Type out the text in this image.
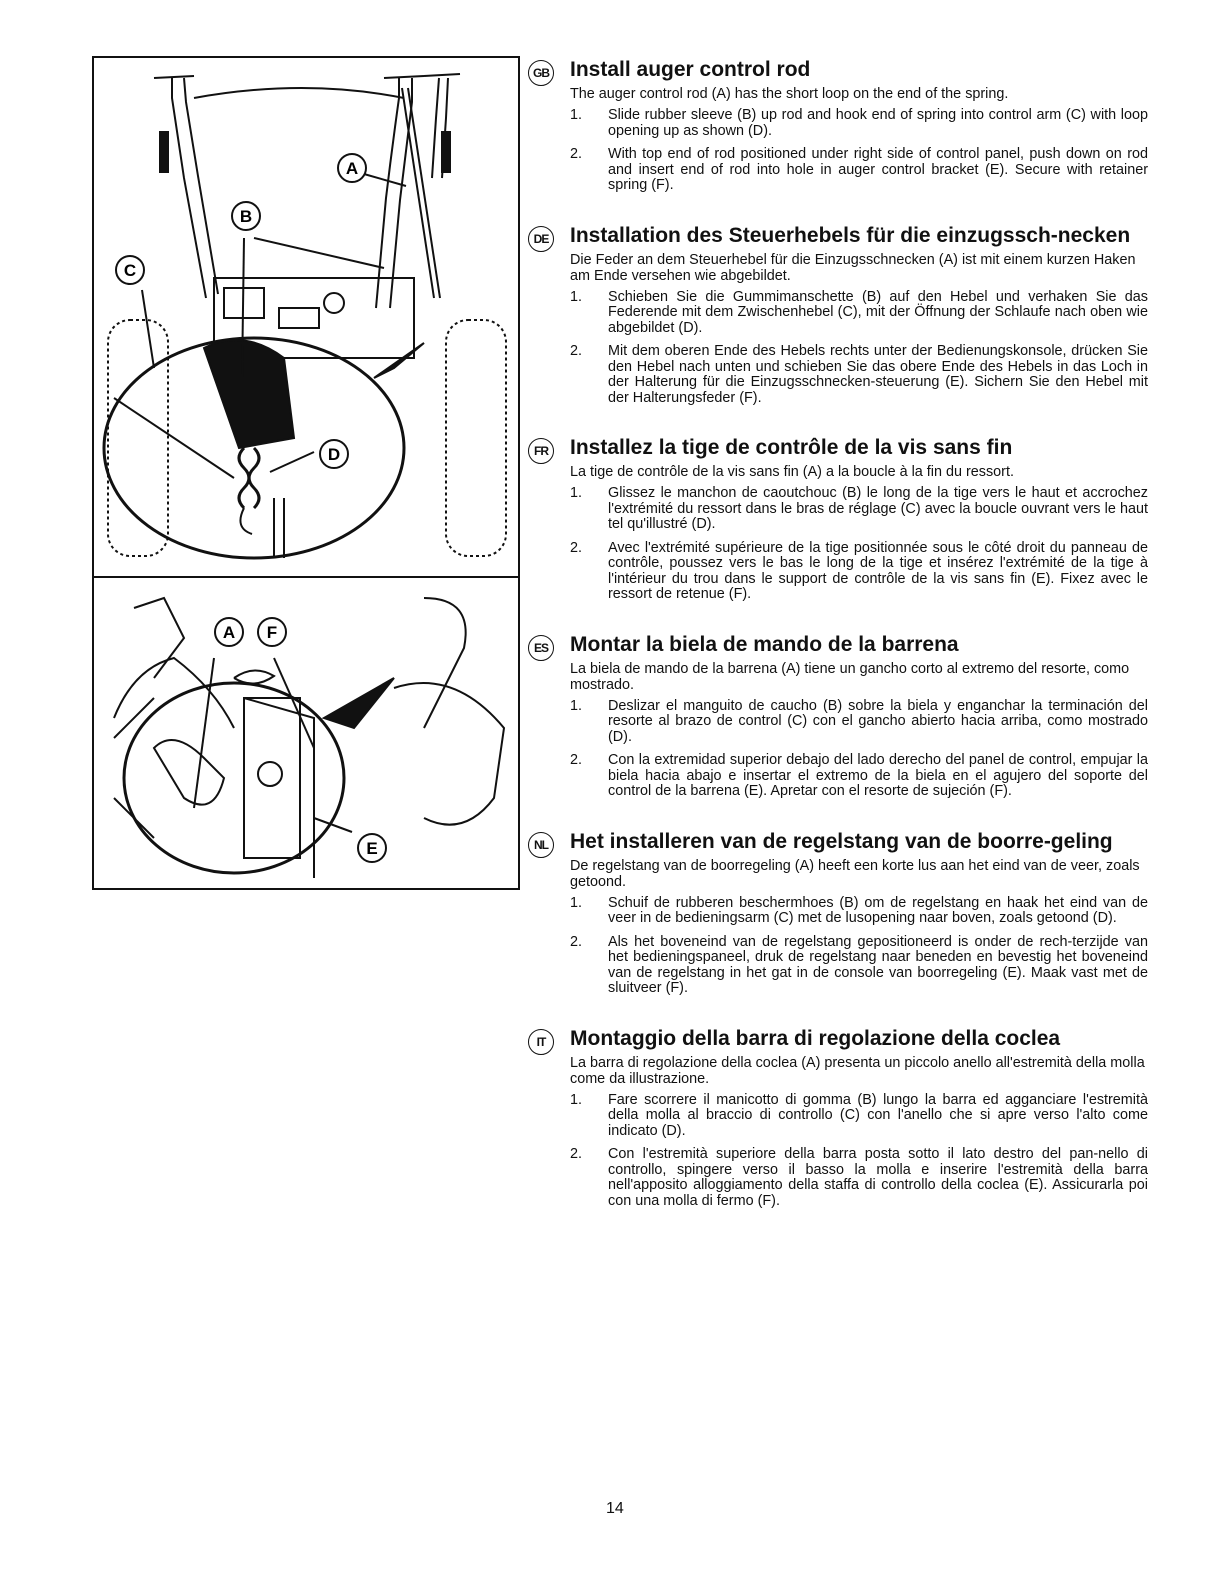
A
B
C
D
A F
E
GB Install auger control rod

The auger control rod (A) has the short loop on the end of the spring.

1. Slide rubber sleeve (B) up rod and hook end of spring into control arm (C) with loop opening up as shown (D).
2. With top end of rod positioned under right side of control panel, push down on rod and insert end of rod into hole in auger control bracket (E). Secure with retainer spring (F).
DE Installation des Steuerhebels für die einzugssch-necken

Die Feder an dem Steuerhebel für die Einzugsschnecken (A) ist mit einem kurzen Haken am Ende versehen wie abgebildet.

1. Schieben Sie die Gummimanschette (B) auf den Hebel und verhaken Sie das Federende mit dem Zwischenhebel (C), mit der Öffnung der Schlaufe nach oben wie abgebildet (D).
2. Mit dem oberen Ende des Hebels rechts unter der Bedienungskonsole, drücken Sie den Hebel nach unten und schieben Sie das obere Ende des Hebels in das Loch in der Halterung für die Einzugsschnecken-steuerung (E). Sichern Sie den Hebel mit der Halterungsfeder (F).
FR Installez la tige de contrôle de la vis sans fin

La tige de contrôle de la vis sans fin (A) a la boucle à la fin du ressort.

1. Glissez le manchon de caoutchouc (B) le long de la tige vers le haut et accrochez l'extrémité du ressort dans le bras de réglage (C) avec la boucle ouvrant vers le haut tel qu'illustré (D).
2. Avec l'extrémité supérieure de la tige positionnée sous le côté droit du panneau de contrôle, poussez vers le bas le long de la tige et insérez l'extrémité de la tige à l'intérieur du trou dans le support de contrôle de la vis sans fin (E). Fixez avec le ressort de retenue (F).
ES Montar la biela de mando de la barrena

La biela de mando de la barrena (A) tiene un gancho corto al extremo del resorte, como mostrado.

1. Deslizar el manguito de caucho (B) sobre la biela y enganchar la terminación del resorte al brazo de control (C) con el gancho abierto hacia arriba, como mostrado (D).
2. Con la extremidad superior debajo del lado derecho del panel de control, empujar la biela hacia abajo e insertar el extremo de la biela en el agujero del soporte del control de la barrena (E). Apretar con el resorte de sujeción (F).
NL Het installeren van de regelstang van de boorre-geling

De regelstang van de boorregeling (A) heeft een korte lus aan het eind van de veer, zoals getoond.

1. Schuif de rubberen beschermhoes (B) om de regelstang en haak het eind van de veer in de bedieningsarm (C) met de lusopening naar boven, zoals getoond (D).
2. Als het boveneind van de regelstang gepositioneerd is onder de rech-terzijde van het bedieningspaneel, druk de regelstang naar beneden en bevestig het boveneind van de regelstang in het gat in de console van boorregeling (E). Maak vast met de sluitveer (F).
IT	Montaggio della barra di regolazione della coclea

La barra di regolazione della coclea (A) presenta un piccolo anello all'estremità della molla come da illustrazione.

1. Fare scorrere il manicotto di gomma (B) lungo la barra ed agganciare l'estremità della molla al braccio di controllo (C) con l'anello che si apre verso l'alto come indicato (D).
2. Con l'estremità superiore della barra posta sotto il lato destro del pan-nello di controllo, spingere verso il basso la molla e inserire l'estremità della barra nell'apposito alloggiamento della staffa di controllo della coclea (E). Assicurarla poi con una molla di fermo (F).
14
